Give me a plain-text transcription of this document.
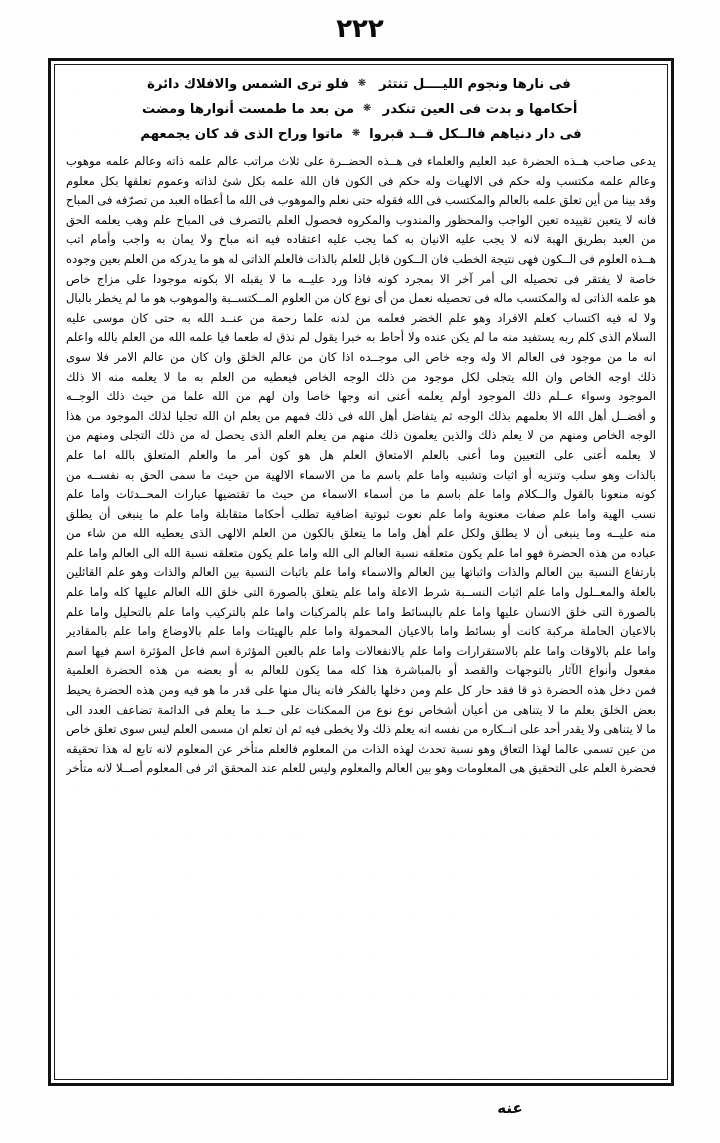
٢٢٢
فى نارها ونجوم الليــــل تنتثر
❋
فلو ترى الشمس والافلاك دائرة
أحكامها و بدت فى العين تنكدر
❋
من بعد ما طمست أنوارها ومضت
فى دار دنياهم فالــكل قــد قبروا
❋
ماتوا وراح الذى قد كان يجمعهم

يدعى صاحب هــذه الحضرة عبد العليم والعلماء فى هــذه الحضــرة على ثلاث مراتب عالم علمه ذاته وعالم علمه موهوب

وعالم علمه مكتسب وله حكم فى الالهيات وله حكم فى الكون فان الله علمه بكل شئ لذاته وعموم تعلقها بكل معلوم

وقد بينا من أين تعلق علمه بالعالم والمكتسب فى الله فقوله حتى نعلم والموهوب فى الله ما أعطاه العبد من تصرّفه فى المباح

فانه لا يتعين تقييده تعين الواجب والمحظور والمندوب والمكروه فحصول العلم بالتصرف فى المباح علم وهب يعلمه الحق

من العبد بطريق الهبة لانه لا يجب عليه الانيان به كما يجب عليه اعتقاده فيه انه مباح ولا يمان به واجب وأمام اتب

هــذه العلوم فى الــكون فهى نتيجة الخطب فان الــكون قابل للعلم بالذات فالعلم الذاتى له هو ما يدركه من العلم بعين وجوده

خاصة لا يفتقر فى تحصيله الى أمر آخر الا بمجرد كونه فاذا ورد عليــه ما لا يقبله الا بكونه موجودا على مزاج خاص

هو علمه الذاتى له والمكتسب ماله فى تحصيله نعمل من أى نوع كان من العلوم المــكتســبة والموهوب هو ما لم يخطر بالبال

ولا له فيه اكتساب كعلم الافراد وهو علم الخضر فعلمه من لدنه علما رحمة من عنــد الله به حتى كان موسى عليه

السلام الذى كلم ربه يستفيد منه ما لم يكن عنده ولا أحاط به خبرا يقول لم نذق له طعما فيا علمه الله من العلم بالله واعلم

انه ما من موجود فى العالم الا وله وجه خاص الى موجــده اذا كان من عالم الخلق وان كان من عالم الامر فلا سوى

ذلك اوجه الخاص وان الله يتجلى لكل موجود من ذلك الوجه الخاص فيعطيه من العلم به ما لا يعلمه منه الا ذلك

الموجود وسواء عــلم ذلك الموجود أولم يعلمه أعنى انه وجها خاصا وان لهم من الله علما من حيث ذلك الوجــه

و أفضــل أهل الله الا بعلمهم بذلك الوجه ثم يتفاضل أهل الله فى ذلك فمهم من يعلم ان الله تجليا لذلك الموجود من هذا

الوجه الخاص ومنهم من لا يعلم ذلك والذين يعلمون ذلك منهم من يعلم العلم الذى يحصل له من ذلك التجلى ومنهم من

لا يعلمه أعنى على التعيين وما أعنى بالعلم الامتعاق العلم هل هو كون أمر ما والعلم المتعلق بالله اما علم

بالذات وهو سلب وتنزيه أو اثبات وتشبيه واما علم باسم ما من الاسماء الالهية من حيث ما سمى الحق به نفســه من

كونه منعونا بالقول والــكلام واما علم باسم ما من أسماء الاسماء من حيث ما تقتضيها عبارات المحــدثات واما علم

نسب الهية واما علم صفات معنوية واما علم نعوت ثبوتية اضافية تطلب أحكاما متقابلة واما علم ما ينبغى أن يطلق

منه عليــه وما ينبغى أن لا يطلق ولكل علم أهل واما ما يتعلق بالكون من العلم الالهى الذى يعطيه الله من شاء من

عباده من هذه الحضرة فهو اما علم يكون متعلقه نسبة العالم الى الله واما علم يكون متعلقه نسبة الله الى العالم واما علم

بارتفاع النسبة بين العالم والذات واثباتها بين العالم والاسماء واما علم باثبات النسبة بين العالم والذات وهو علم القائلين

بالعلة والمعــلول واما علم اثبات النســبة شرط الاعلة واما علم يتعلق بالصورة التى خلق الله العالم عليها كله واما علم

بالصورة التى خلق الانسان عليها واما علم بالبسائط واما علم بالمركبات واما علم بالتركيب واما علم بالتحليل واما علم

بالاعيان الحاملة مركبة كانت أو بسائط واما بالاعيان المحمولة واما علم بالهيئات واما علم بالاوضاع واما علم بالمقادير

واما علم بالاوقات واما علم بالاستقرارات واما علم بالانفعالات واما علم بالعين المؤثرة اسم فاعل المؤثرة اسم فيها اسم

مفعول وأنواع الآثار بالتوجهات والقصد أو بالمباشرة هذا كله مما يكون للعالم به أو بعضه من هذه الحضرة العلمية

فمن دخل هذه الحضرة ذو قا فقد حار كل علم ومن دخلها بالفكر فانه ينال منها على قدر ما هو فيه ومن هذه الحضرة يحيط

بعض الخلق بعلم ما لا يتناهى من أعيان أشخاص نوع نوع من الممكنات على حــد ما يعلم فى الدائمة تضاعف العدد الى

ما لا يتناهى ولا يقدر أحد على انــكاره من نفسه انه يعلم ذلك ولا يخطى فيه ثم ان تعلم ان مسمى العلم ليس سوى تعلق خاص

من عين تسمى عالما لهذا التعاق وهو نسبة تحدث لهذه الذات من المعلوم فالعلم متأخر عن المعلوم لانه تابع له هذا تحقيقه

فحضرة العلم على التحقيق هى المعلومات وهو بين العالم والمعلوم وليس للعلم عند المحقق اثر فى المعلوم أصــلا لانه متأخر

عنه
